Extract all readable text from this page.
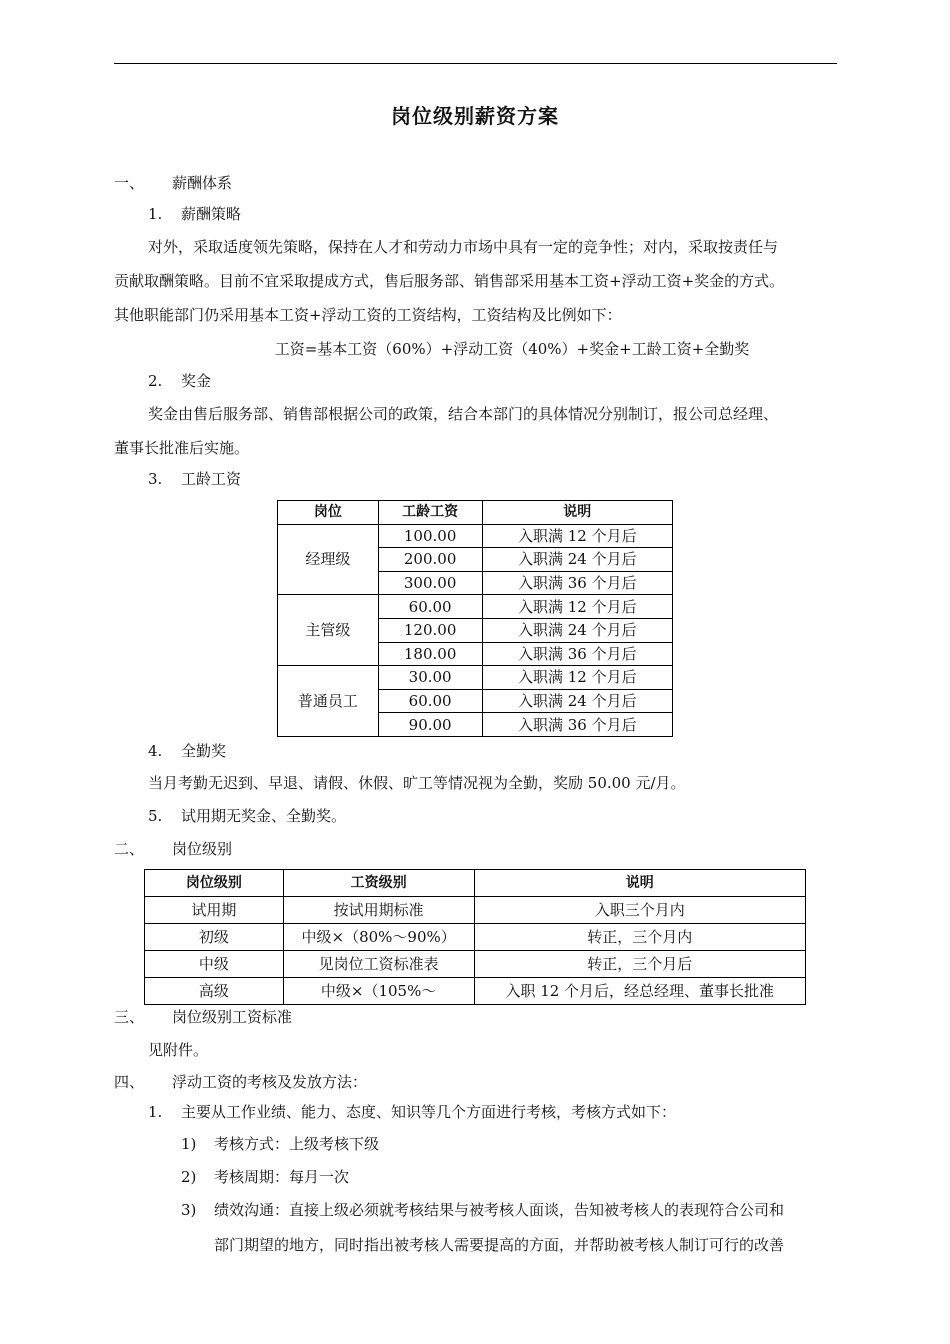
岗位级别薪资方案
一、 薪酬体系
1. 薪酬策略
对外，采取适度领先策略，保持在人才和劳动力市场中具有一定的竞争性；对内，采取按责任与
贡献取酬策略。目前不宜采取提成方式，售后服务部、销售部采用基本工资+浮动工资+奖金的方式。
其他职能部门仍采用基本工资+浮动工资的工资结构，工资结构及比例如下：
工资=基本工资（60%）+浮动工资（40%）+奖金+工龄工资+全勤奖
2. 奖金
奖金由售后服务部、销售部根据公司的政策，结合本部门的具体情况分别制订，报公司总经理、
董事长批准后实施。
3. 工龄工资
岗位	工龄工资	说明
经理级	100.00	入职满 12 个月后
	200.00	入职满 24 个月后
	300.00	入职满 36 个月后
主管级	60.00	入职满 12 个月后
	120.00	入职满 24 个月后
	180.00	入职满 36 个月后
普通员工	30.00	入职满 12 个月后
	60.00	入职满 24 个月后
	90.00	入职满 36 个月后
4. 全勤奖
当月考勤无迟到、早退、请假、休假、旷工等情况视为全勤，奖励 50.00 元/月。
5. 试用期无奖金、全勤奖。
二、 岗位级别
岗位级别	工资级别	说明
试用期	按试用期标准	入职三个月内
初级	中级×（80%～90%）	转正，三个月内
中级	见岗位工资标准表	转正，三个月后
高级	中级×（105%～	入职 12 个月后，经总经理、董事长批准
三、 岗位级别工资标准
见附件。
四、 浮动工资的考核及发放方法：
1. 主要从工作业绩、能力、态度、知识等几个方面进行考核，考核方式如下：
1) 考核方式：上级考核下级
2) 考核周期：每月一次
3) 绩效沟通：直接上级必须就考核结果与被考核人面谈，告知被考核人的表现符合公司和
部门期望的地方，同时指出被考核人需要提高的方面，并帮助被考核人制订可行的改善
